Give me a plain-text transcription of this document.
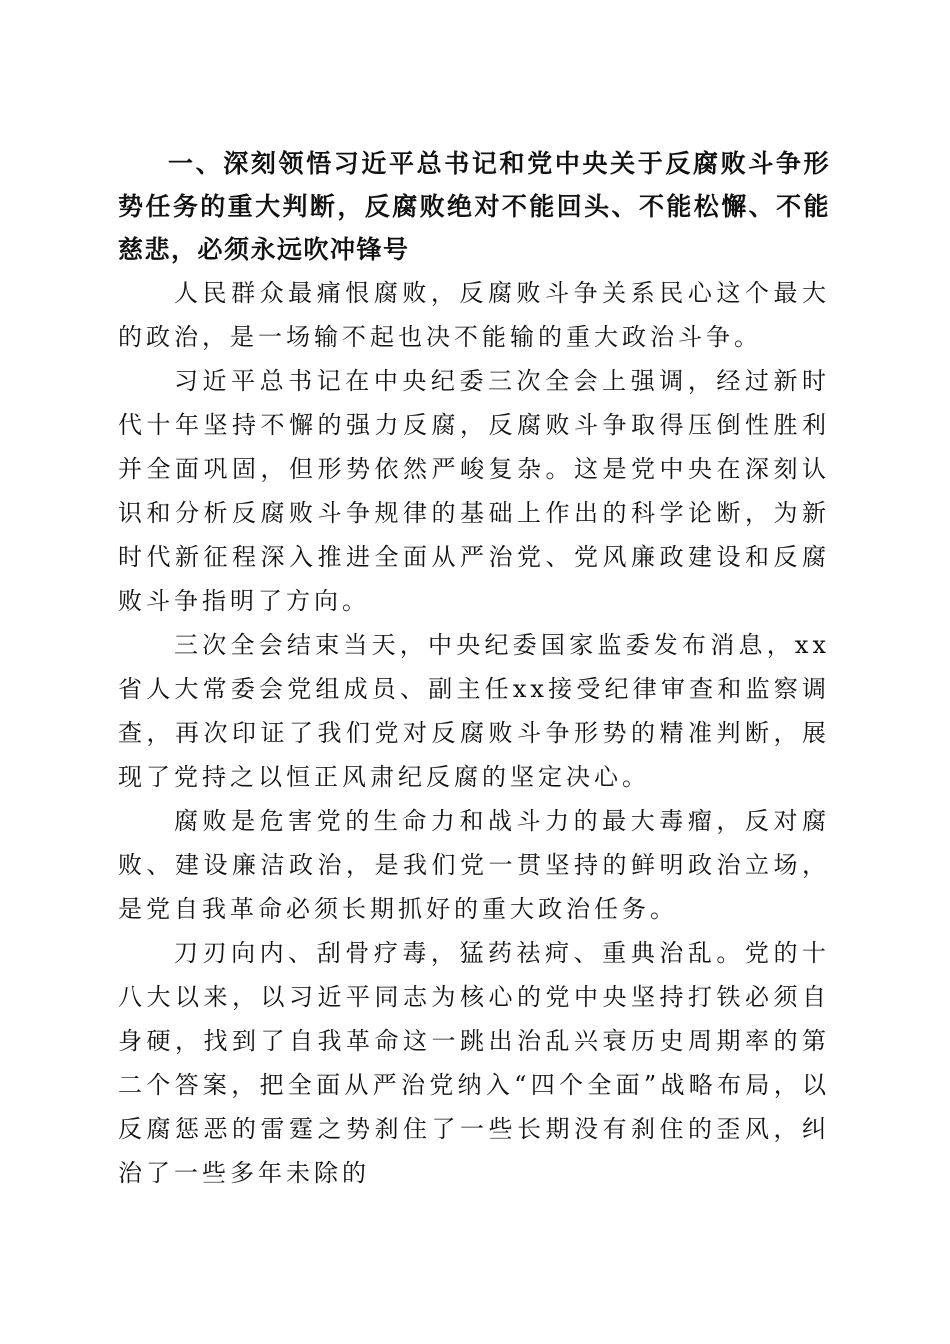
一、深刻领悟习近平总书记和党中央关于反腐败斗争形势任务的重大判断，反腐败绝对不能回头、不能松懈、不能慈悲，必须永远吹冲锋号

人民群众最痛恨腐败，反腐败斗争关系民心这个最大的政治，是一场输不起也决不能输的重大政治斗争。

习近平总书记在中央纪委三次全会上强调，经过新时代十年坚持不懈的强力反腐，反腐败斗争取得压倒性胜利并全面巩固，但形势依然严峻复杂。这是党中央在深刻认识和分析反腐败斗争规律的基础上作出的科学论断，为新时代新征程深入推进全面从严治党、党风廉政建设和反腐败斗争指明了方向。

三次全会结束当天，中央纪委国家监委发布消息，xx省人大常委会党组成员、副主任xx接受纪律审查和监察调查，再次印证了我们党对反腐败斗争形势的精准判断，展现了党持之以恒正风肃纪反腐的坚定决心。

腐败是危害党的生命力和战斗力的最大毒瘤，反对腐败、建设廉洁政治，是我们党一贯坚持的鲜明政治立场，是党自我革命必须长期抓好的重大政治任务。

刀刃向内、刮骨疗毒，猛药祛疴、重典治乱。党的十八大以来，以习近平同志为核心的党中央坚持打铁必须自身硬，找到了自我革命这一跳出治乱兴衰历史周期率的第二个答案，把全面从严治党纳入“四个全面”战略布局，以反腐惩恶的雷霆之势刹住了一些长期没有刹住的歪风，纠治了一些多年未除的
